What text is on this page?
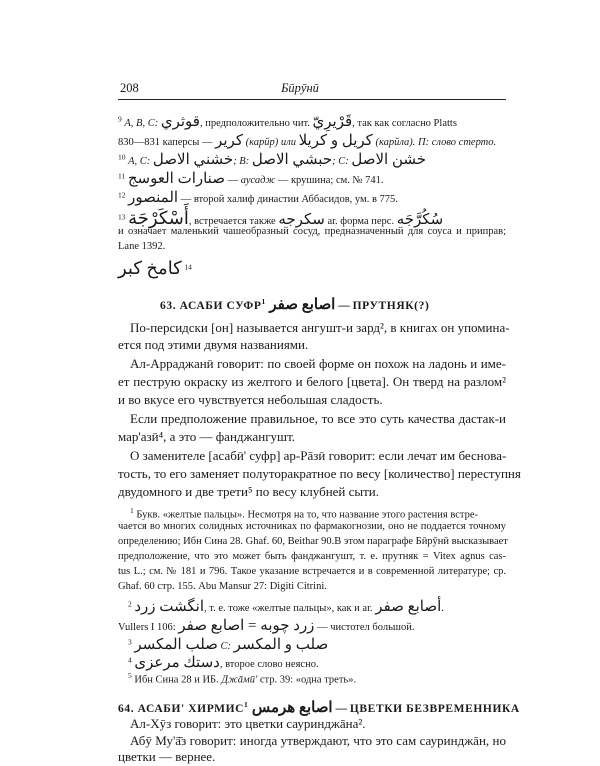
208	Бӣрӯнӣ
$^9$ А, В, С: قوثري, предположительно чит. قَرْيرِيّ, так как согласно Platts
830—831 каперсы — كرير (карйр) или كريل و كريلا (карйла). П: слово стерто.
$^{10}$ А, С: خشني الاصل; В: حبشي الاصل; С: خشن الاصل
$^{11}$ صنارات العوسج — аусадж — крушина; см. № 741.
$^{12}$ المنصور — второй халиф династии Аббасидов, ум. в 775.
$^{13}$ أَسْكَرْجَة, встречается также سكرجه ar. форма перс. سُكُرَّجَه
и означает маленький чашеобразный сосуд, предназначенный для соуса и приправ;
Lane 1392.
كامخ كبر $^{14}$
63. АСАБИ СУФР$^1$ اصابع صفر — ПРУТНЯК(?)
По-персидски [он] называется ангушт-и зард², в книгах он упомина-
ется под этими двумя названиями.
Ал-Арраджанӣ говорит: по своей форме он похож на ладонь и име-
ет пеструю окраску из желтого и белого [цвета]. Он тверд на разлом²
и во вкусе его чувствуется небольшая сладость.
Если предположение правильное, то все это суть качества дастак-и
мар'азӣ⁴, а это — фанджангушт.
О заменителе [асабӣ' суфр] ар-Рāзӣ говорит: если лечат им беснова-
тость, то его заменяет полуторакратное по весу [количество] переступня
двудомного и две трети⁵ по весу клубней сыти.
$^1$ Букв. «желтые пальцы». Несмотря на то, что название этого растения встре-
чается во многих солидных источниках по фармакогнозии, оно не поддается точному
определению; Ибн Сина 28. Ghaf. 60, Beithar 90.В этом параграфе Бӣрӯнӣ высказывает
предположение, что это может быть фанджангушт, т. е. прутняк = Vitex agnus cas-
tus L.; см. № 181 и 796. Такое указание встречается и в современной литературе; ср.
Ghaf. 60 стр. 155. Abu Mansur 27: Digiti Citrini.
$^2$ انگشت زرد, т. е. тоже «желтые пальцы», как и ar. أصابع صفر.
Vullers I 106: زرد چوبه = اصابع صفر — чистотел большой.
$^3$ صلب المكسر С: صلب و المكسر
$^4$ دستك مرعزى, второе слово неясно.
$^5$ Ибн Сина 28 и ИБ. Джāмӣ' стр. 39: «одна треть».
64. АСАБИ' ХИРМИС$^1$ اصابع هرمس — ЦВЕТКИ БЕЗВРЕМЕННИКА
Ал-Хӯз говорит: это цветки сауринджāна².
Абӯ Му'ā̄з говорит: иногда утверждают, что это сам сауринджāн, но
цветки — вернее.
